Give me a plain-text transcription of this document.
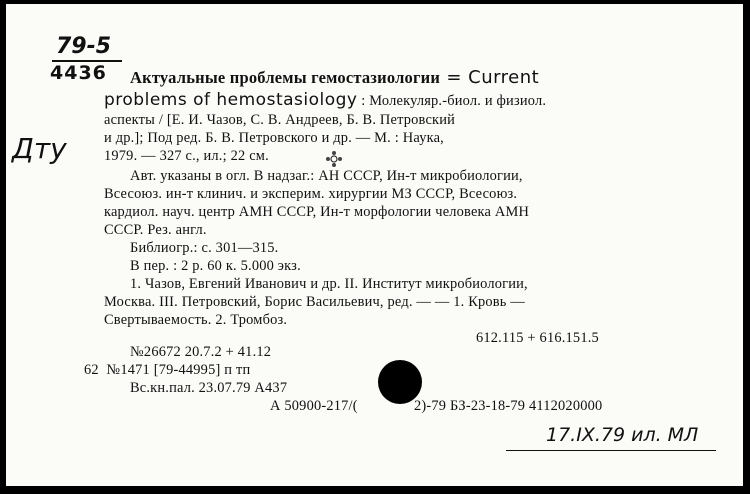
79-5
4436
Дту
Актуальные проблемы гемостазиологии = Current
problems of hemostasiology : Молекуляр.-биол. и физиол.
аспекты / [Е. И. Чазов, С. В. Андреев, Б. В. Петровский
и др.]; Под ред. Б. В. Петровского и др. — М. : Наука,
1979. — 327 с., ил.; 22 см.
Авт. указаны в огл. В надзаг.: АН СССР, Ин-т микробиологии,
Всесоюз. ин-т клинич. и эксперим. хирургии МЗ СССР, Всесоюз.
кардиол. науч. центр АМН СССР, Ин-т морфологии человека АМН
СССР. Рез. англ.
Библиогр.: с. 301—315.
В пер. : 2 р. 60 к. 5.000 экз.
1. Чазов, Евгений Иванович и др. II. Институт микробиологии,
Москва. III. Петровский, Борис Васильевич, ред. — — 1. Кровь —
Свертываемость. 2. Тромбоз.
612.115 + 616.151.5
№26672 20.7.2 + 41.12
62 №1471 [79-44995] п тп
Вс.кн.пал. 23.07.79 А437
А 50900-217/(	2)-79 БЗ-23-18-79 4112020000
17.IX.79 ил. МЛ
